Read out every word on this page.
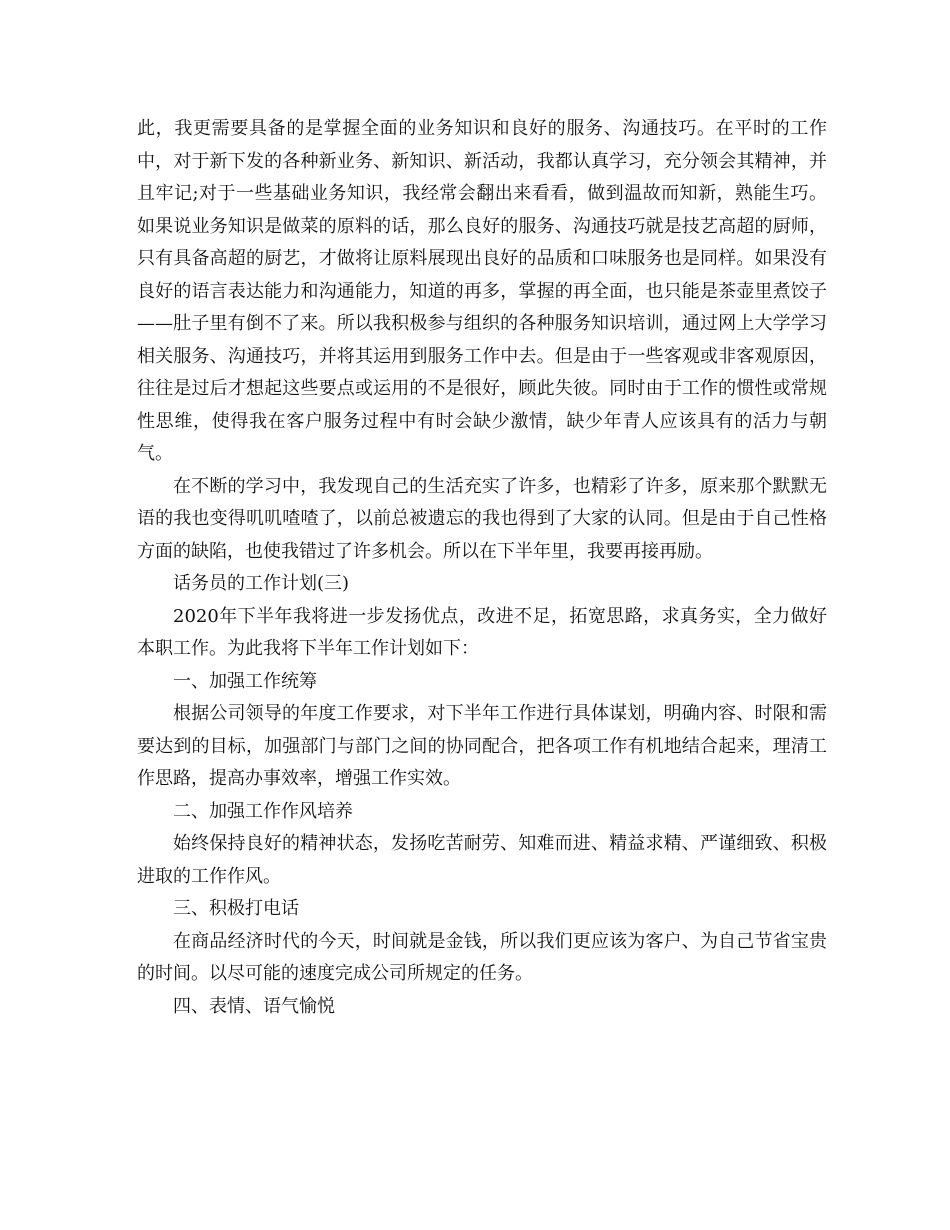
此，我更需要具备的是掌握全面的业务知识和良好的服务、沟通技巧。在平时的工作中，对于新下发的各种新业务、新知识、新活动，我都认真学习，充分领会其精神，并且牢记;对于一些基础业务知识，我经常会翻出来看看，做到温故而知新，熟能生巧。如果说业务知识是做菜的原料的话，那么良好的服务、沟通技巧就是技艺高超的厨师，只有具备高超的厨艺，才做将让原料展现出良好的品质和口味服务也是同样。如果没有良好的语言表达能力和沟通能力，知道的再多，掌握的再全面，也只能是茶壶里煮饺子——肚子里有倒不了来。所以我积极参与组织的各种服务知识培训，通过网上大学学习相关服务、沟通技巧，并将其运用到服务工作中去。但是由于一些客观或非客观原因，往往是过后才想起这些要点或运用的不是很好，顾此失彼。同时由于工作的惯性或常规性思维，使得我在客户服务过程中有时会缺少激情，缺少年青人应该具有的活力与朝气。

在不断的学习中，我发现自己的生活充实了许多，也精彩了许多，原来那个默默无语的我也变得叽叽喳喳了，以前总被遗忘的我也得到了大家的认同。但是由于自己性格方面的缺陷，也使我错过了许多机会。所以在下半年里，我要再接再励。

话务员的工作计划(三)

2020年下半年我将进一步发扬优点，改进不足，拓宽思路，求真务实，全力做好本职工作。为此我将下半年工作计划如下：

一、加强工作统筹

根据公司领导的年度工作要求，对下半年工作进行具体谋划，明确内容、时限和需要达到的目标，加强部门与部门之间的协同配合，把各项工作有机地结合起来，理清工作思路，提高办事效率，增强工作实效。

二、加强工作作风培养

始终保持良好的精神状态，发扬吃苦耐劳、知难而进、精益求精、严谨细致、积极进取的工作作风。

三、积极打电话

在商品经济时代的今天，时间就是金钱，所以我们更应该为客户、为自己节省宝贵的时间。以尽可能的速度完成公司所规定的任务。

四、表情、语气愉悦
